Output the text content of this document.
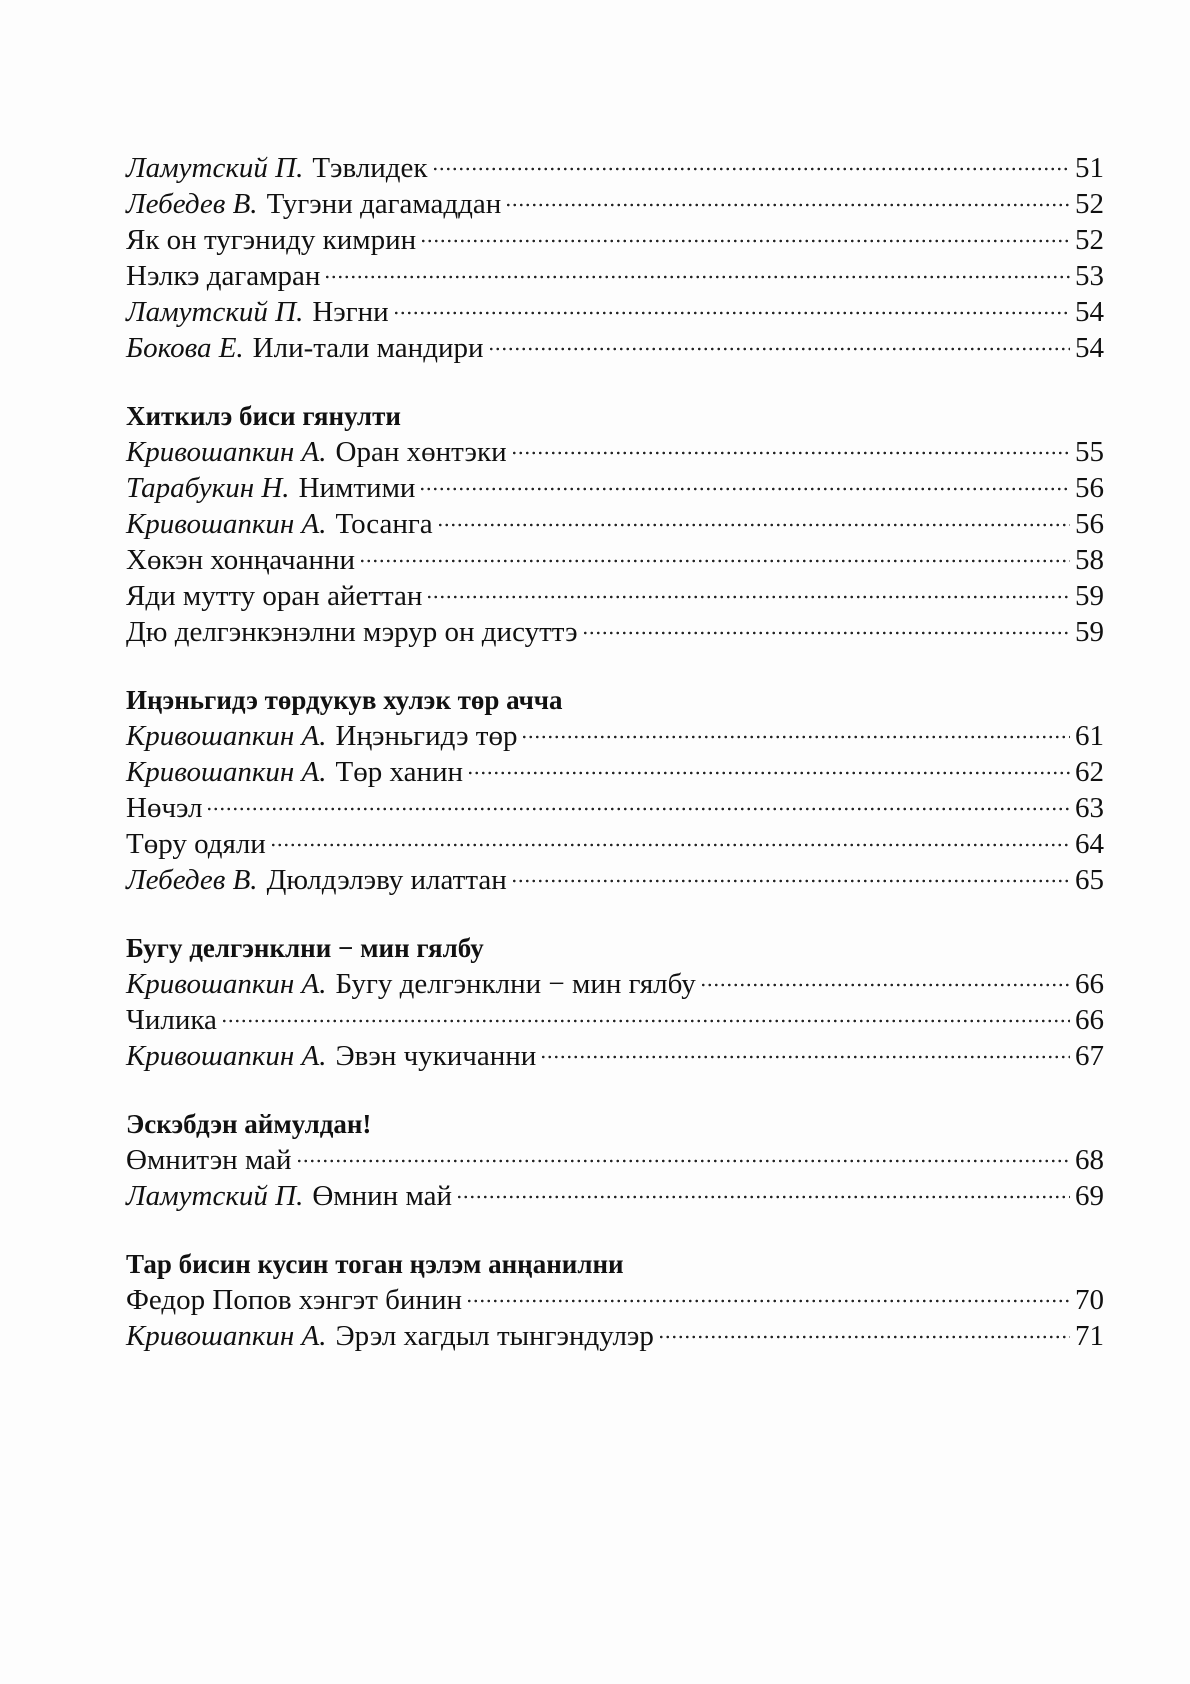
Ламутский П. Тэвлидек	51
Лебедев В. Тугэни дагамаддан	52
Як он тугэниду кимрин	52
Нэлкэ дагамран	53
Ламутский П. Нэгни	54
Бокова Е. Или-тали мандири	54
Хиткилэ биси гянулти
Кривошапкин А. Оран хөнтэки	55
Тарабукин Н. Нимтими	56
Кривошапкин А. Тосанга	56
Хөкэн хонңачанни	58
Яди мутту оран айеттан	59
Дю делгэнкэнэлни мэрур он дисуттэ	59
Иңэньгидэ төрдукув хулэк төр ачча
Кривошапкин А. Иңэньгидэ төр	61
Кривошапкин А. Төр ханин	62
Нөчэл	63
Төру одяли	64
Лебедев В. Дюлдэлэву илаттан	65
Бугу делгэнклни − мин гялбу
Кривошапкин А. Бугу делгэнклни − мин гялбу	66
Чилика	66
Кривошапкин А. Эвэн чукичанни	67
Эскэбдэн аймулдан!
Өмнитэн май	68
Ламутский П. Өмнин май	69
Тар бисин кусин тоган ңэлэм анңанилни
Федор Попов хэнгэт бинин	70
Кривошапкин А. Эрэл хагдыл тынгэндулэр	71
